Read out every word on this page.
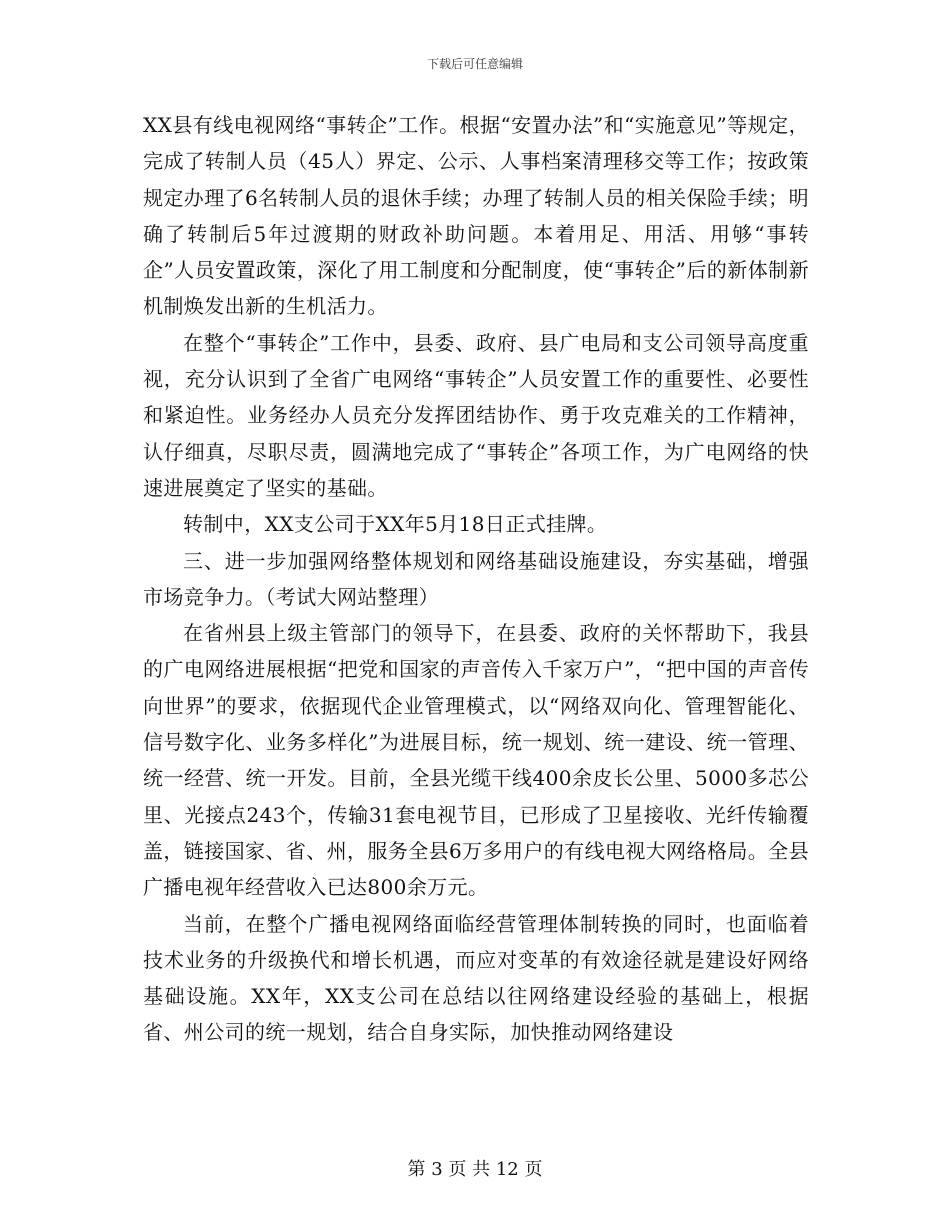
下载后可任意编辑

XX县有线电视网络“事转企”工作。根据“安置办法”和“实施意见”等规定，完成了转制人员（45人）界定、公示、人事档案清理移交等工作；按政策规定办理了6名转制人员的退休手续；办理了转制人员的相关保险手续；明确了转制后5年过渡期的财政补助问题。本着用足、用活、用够“事转企”人员安置政策，深化了用工制度和分配制度，使“事转企”后的新体制新机制焕发出新的生机活力。

在整个“事转企”工作中，县委、政府、县广电局和支公司领导高度重视，充分认识到了全省广电网络“事转企”人员安置工作的重要性、必要性和紧迫性。业务经办人员充分发挥团结协作、勇于攻克难关的工作精神，认仔细真，尽职尽责，圆满地完成了“事转企”各项工作，为广电网络的快速进展奠定了坚实的基础。

转制中，XX支公司于XX年5月18日正式挂牌。

三、进一步加强网络整体规划和网络基础设施建设，夯实基础，增强市场竞争力。（考试大网站整理）

在省州县上级主管部门的领导下，在县委、政府的关怀帮助下，我县的广电网络进展根据“把党和国家的声音传入千家万户”，“把中国的声音传向世界”的要求，依据现代企业管理模式，以“网络双向化、管理智能化、信号数字化、业务多样化”为进展目标，统一规划、统一建设、统一管理、统一经营、统一开发。目前，全县光缆干线400余皮长公里、5000多芯公里、光接点243个，传输31套电视节目，已形成了卫星接收、光纤传输覆盖，链接国家、省、州，服务全县6万多用户的有线电视大网络格局。全县广播电视年经营收入已达800余万元。

当前，在整个广播电视网络面临经营管理体制转换的同时，也面临着技术业务的升级换代和增长机遇，而应对变革的有效途径就是建设好网络基础设施。XX年，XX支公司在总结以往网络建设经验的基础上，根据省、州公司的统一规划，结合自身实际，加快推动网络建设

第 3 页 共 12 页
